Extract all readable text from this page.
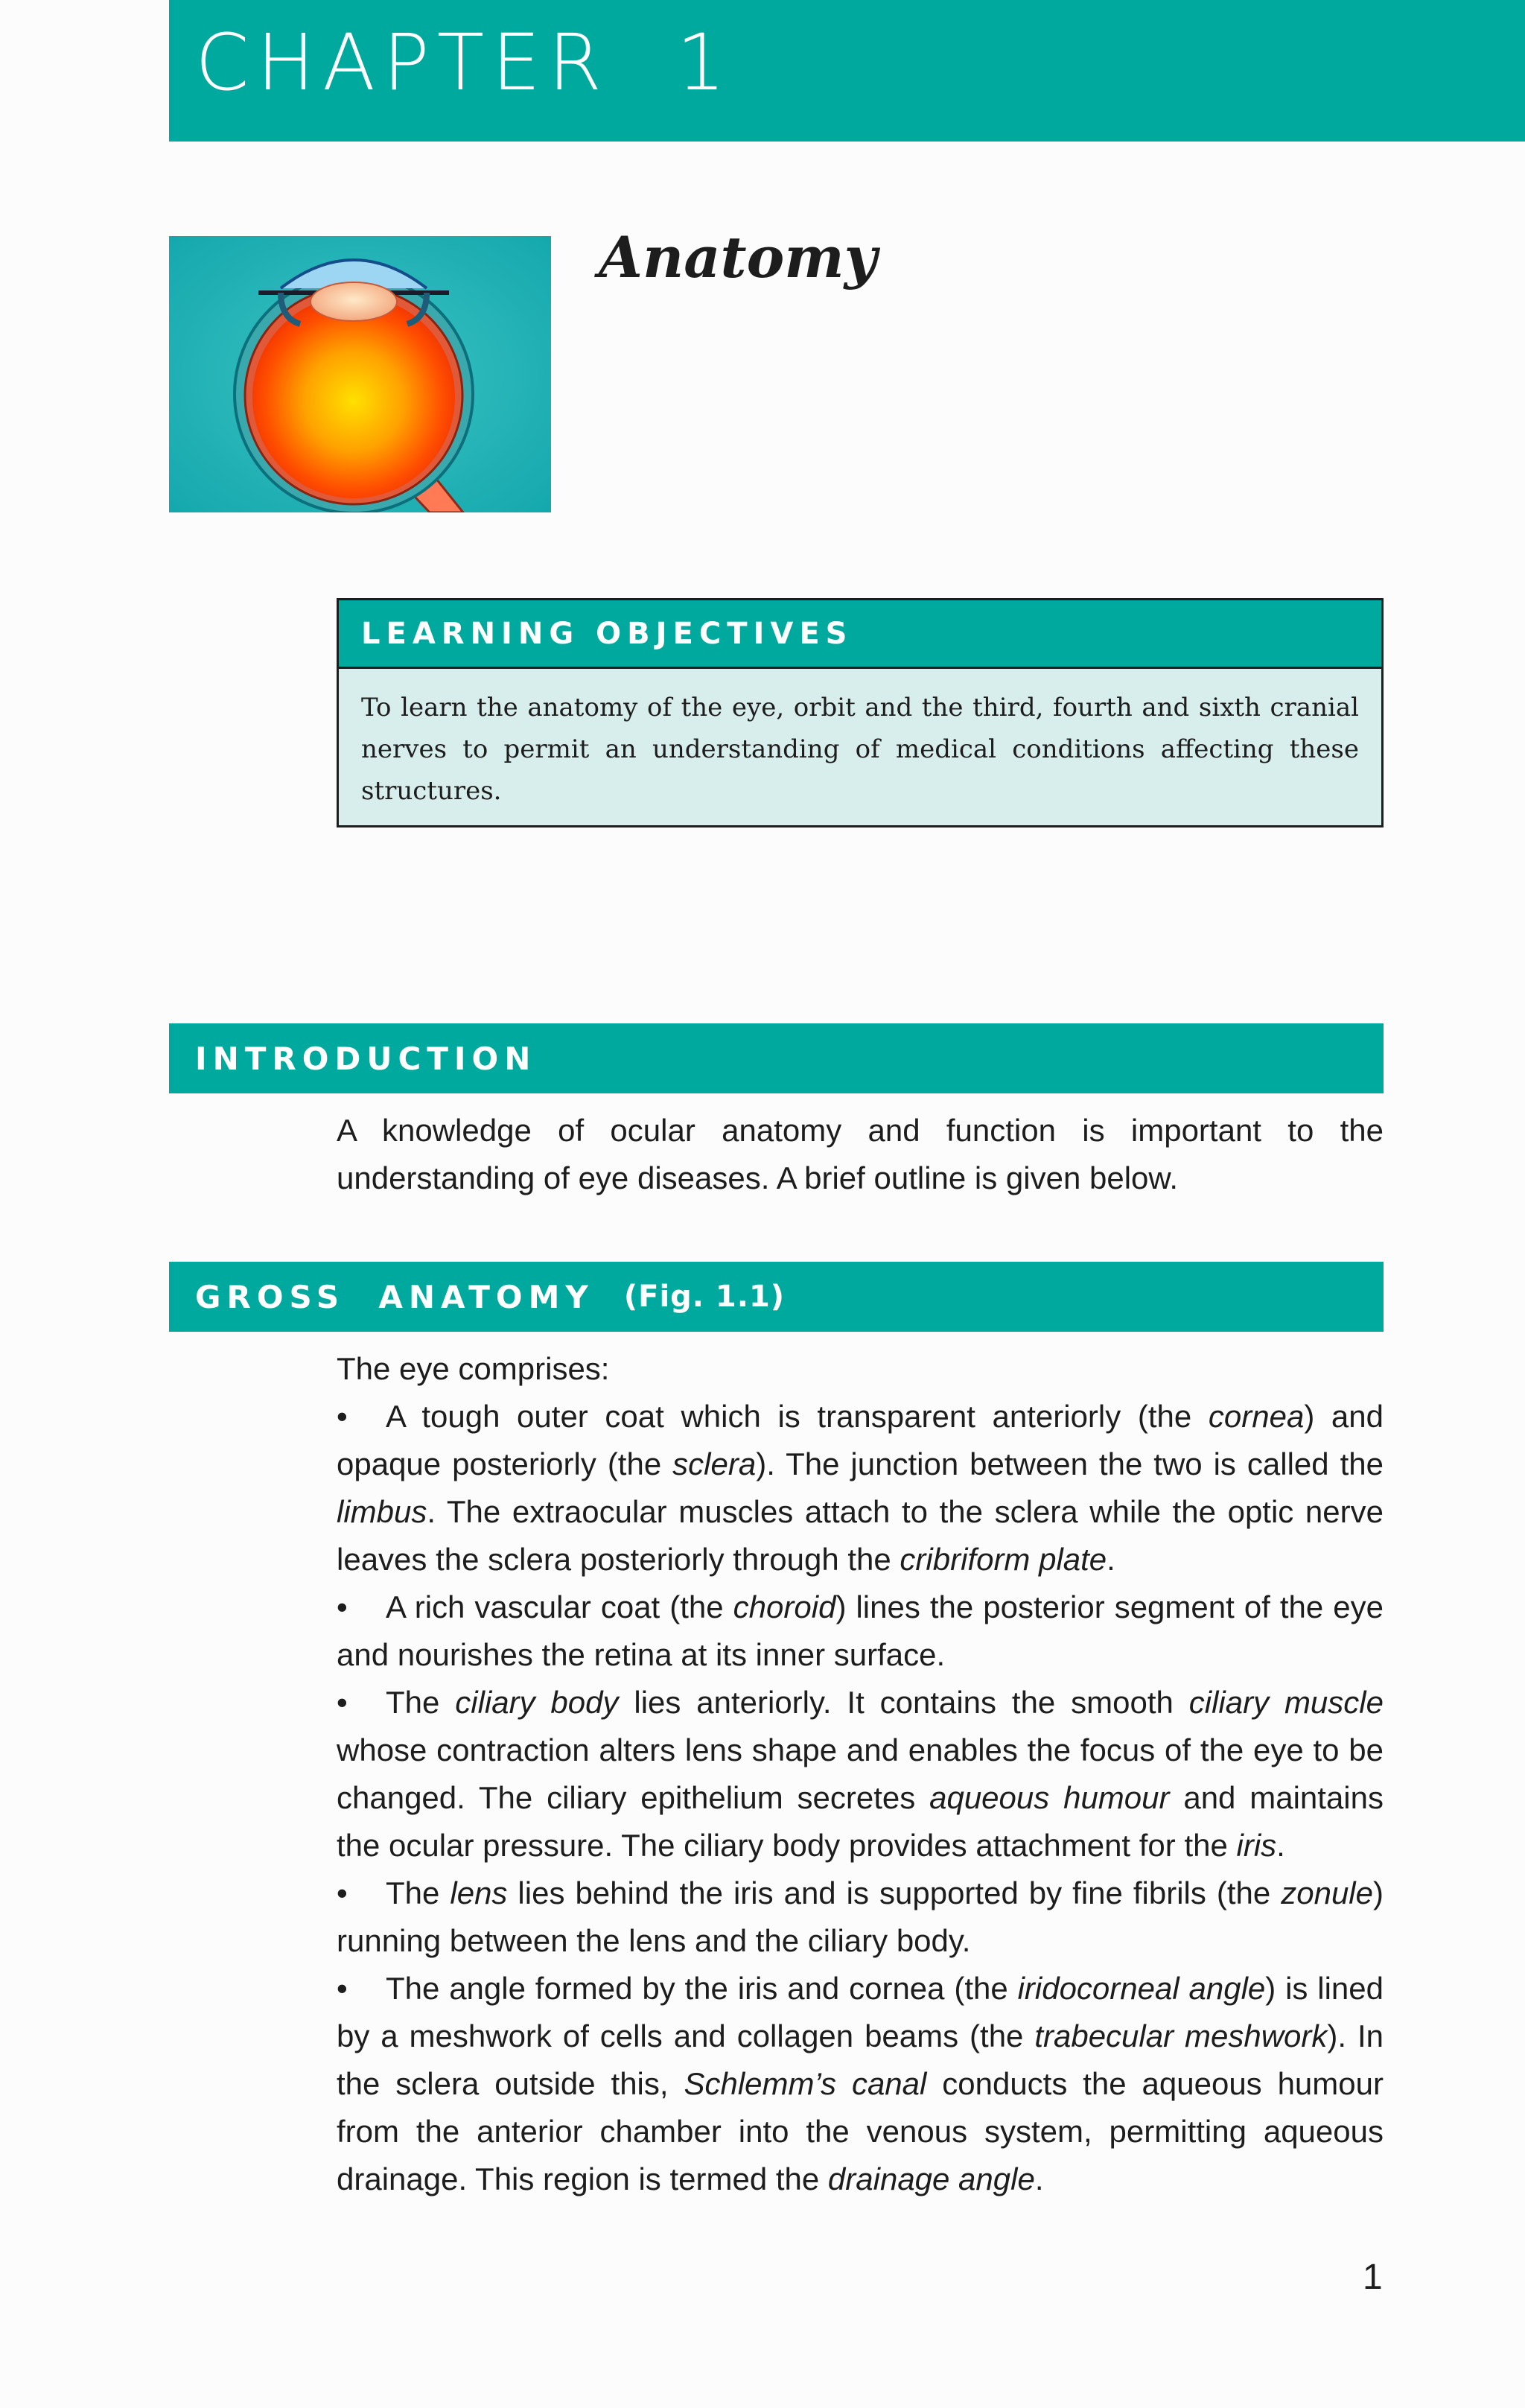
CHAPTER 1
Anatomy
LEARNING OBJECTIVES
To learn the anatomy of the eye, orbit and the third, fourth and sixth cranial nerves to permit an understanding of medical conditions affecting these structures.
INTRODUCTION

A knowledge of ocular anatomy and function is important to the understanding of eye diseases. A brief outline is given below.

GROSS  ANATOMY (Fig. 1.1)

The eye comprises:

• A tough outer coat which is transparent anteriorly (the cornea) and opaque posteriorly (the sclera). The junction between the two is called the limbus. The extraocular muscles attach to the sclera while the optic nerve leaves the sclera posteriorly through the cribriform plate.

• A rich vascular coat (the choroid) lines the posterior segment of the eye and nourishes the retina at its inner surface.

• The ciliary body lies anteriorly. It contains the smooth ciliary muscle whose contraction alters lens shape and enables the focus of the eye to be changed. The ciliary epithelium secretes aqueous humour and maintains the ocular pressure. The ciliary body provides attachment for the iris.

• The lens lies behind the iris and is supported by fine fibrils (the zonule) running between the lens and the ciliary body.

• The angle formed by the iris and cornea (the iridocorneal angle) is lined by a meshwork of cells and collagen beams (the trabecular meshwork). In the sclera outside this, Schlemm’s canal conducts the aqueous humour from the anterior chamber into the venous system, permitting aqueous drainage. This region is termed the drainage angle.

1
